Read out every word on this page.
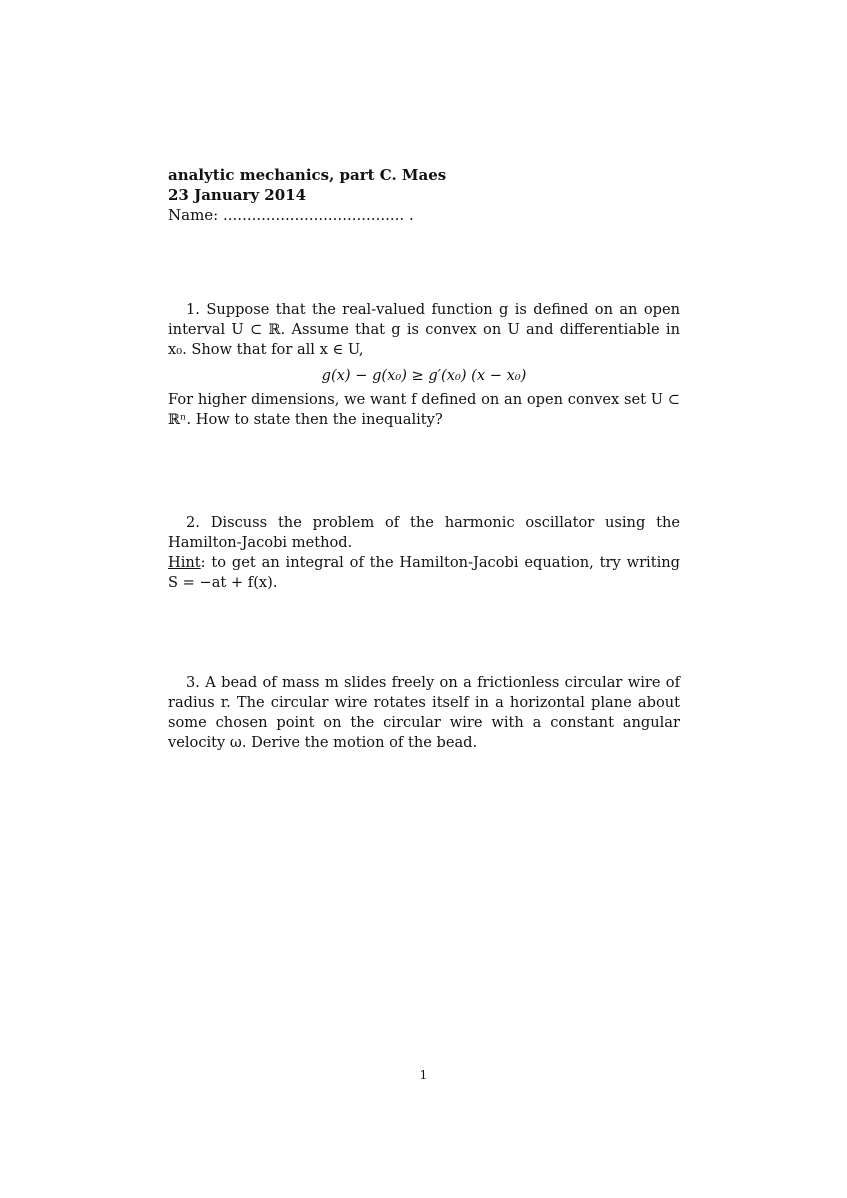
analytic mechanics, part C. Maes
23 January 2014
Name: ...................................... .

1. Suppose that the real-valued function g is defined on an open interval U ⊂ ℝ. Assume that g is convex on U and differentiable in x₀. Show that for all x ∈ U,

g(x) − g(x₀) ≥ g′(x₀) (x − x₀)

For higher dimensions, we want f defined on an open convex set U ⊂ ℝⁿ. How to state then the inequality?

2. Discuss the problem of the harmonic oscillator using the Hamilton-Jacobi method.

Hint: to get an integral of the Hamilton-Jacobi equation, try writing S = −at + f(x).

3. A bead of mass m slides freely on a frictionless circular wire of radius r. The circular wire rotates itself in a horizontal plane about some chosen point on the circular wire with a constant angular velocity ω. Derive the motion of the bead.

1
